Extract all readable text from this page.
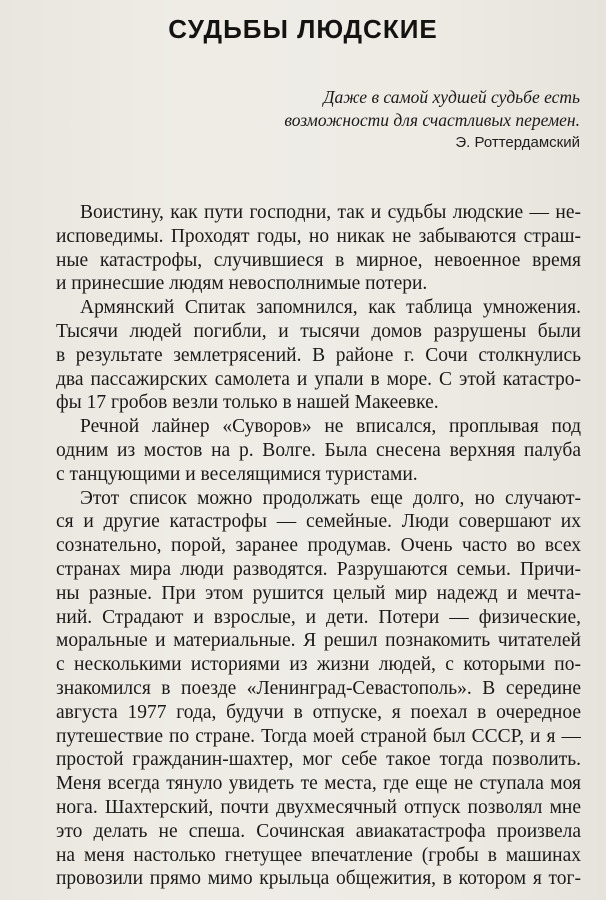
СУДЬБЫ ЛЮДСКИЕ
Даже в самой худшей судьбе есть
возможности для счастливых перемен.
Э. Роттердамский
Воистину, как пути господни, так и судьбы людские — не-
исповедимы. Проходят годы, но никак не забываются страш-
ные катастрофы, случившиеся в мирное, невоенное время
и принесшие людям невосполнимые потери.
Армянский Спитак запомнился, как таблица умножения.
Тысячи людей погибли, и тысячи домов разрушены были
в результате землетрясений. В районе г. Сочи столкнулись
два пассажирских самолета и упали в море. С этой катастро-
фы 17 гробов везли только в нашей Макеевке.
Речной лайнер «Суворов» не вписался, проплывая под
одним из мостов на р. Волге. Была снесена верхняя палуба
с танцующими и веселящимися туристами.
Этот список можно продолжать еще долго, но случают-
ся и другие катастрофы — семейные. Люди совершают их
сознательно, порой, заранее продумав. Очень часто во всех
странах мира люди разводятся. Разрушаются семьи. Причи-
ны разные. При этом рушится целый мир надежд и мечта-
ний. Страдают и взрослые, и дети. Потери — физические,
моральные и материальные. Я решил познакомить читателей
с несколькими историями из жизни людей, с которыми по-
знакомился в поезде «Ленинград-Севастополь». В середине
августа 1977 года, будучи в отпуске, я поехал в очередное
путешествие по стране. Тогда моей страной был СССР, и я —
простой гражданин-шахтер, мог себе такое тогда позволить.
Меня всегда тянуло увидеть те места, где еще не ступала моя
нога. Шахтерский, почти двухмесячный отпуск позволял мне
это делать не спеша. Сочинская авиакатастрофа произвела
на меня настолько гнетущее впечатление (гробы в машинах
провозили прямо мимо крыльца общежития, в котором я тог-
